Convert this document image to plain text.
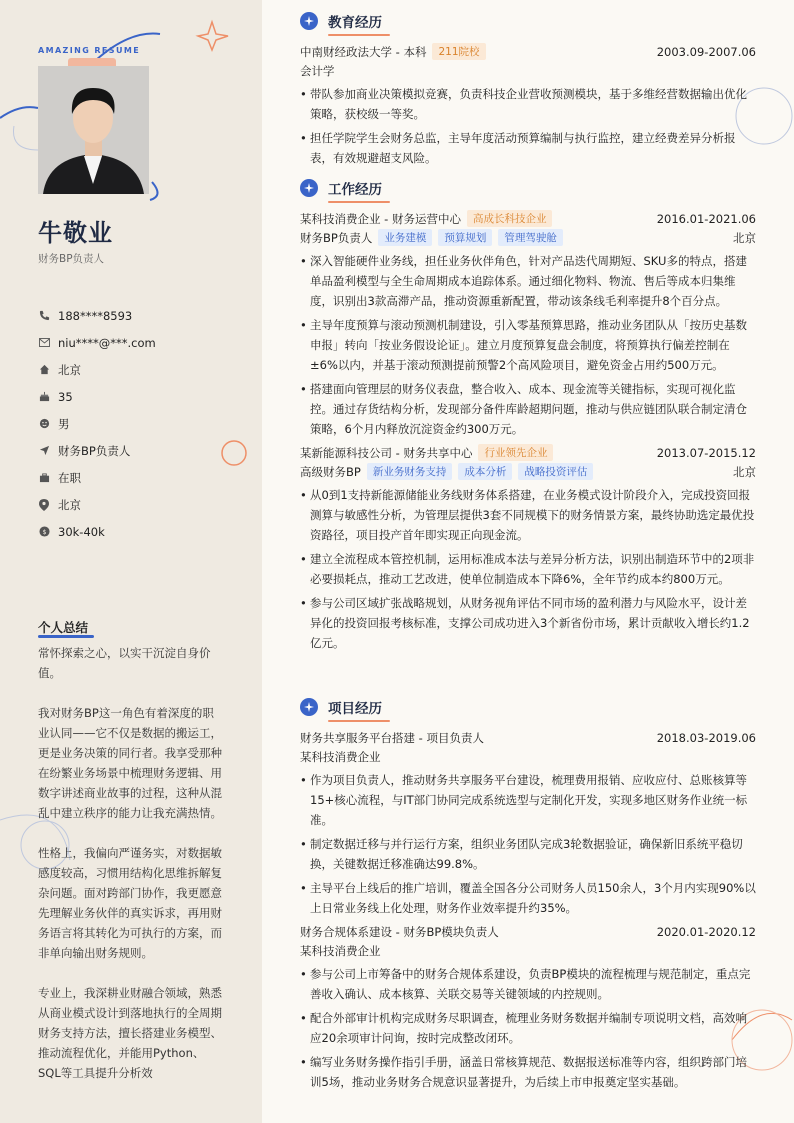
AMAZING RESUME
牛敬业
财务BP负责人
188****8593
niu****@***.com
北京
35
男
财务BP负责人
在职
北京
$ 30k-40k
个人总结

常怀探索之心，以实干沉淀自身价值。

我对财务BP这一角色有着深度的职业认同——它不仅是数据的搬运工，更是业务决策的同行者。我享受那种在纷繁业务场景中梳理财务逻辑、用数字讲述商业故事的过程，这种从混乱中建立秩序的能力让我充满热情。

性格上，我偏向严谨务实，对数据敏感度较高，习惯用结构化思维拆解复杂问题。面对跨部门协作，我更愿意先理解业务伙伴的真实诉求，再用财务语言将其转化为可执行的方案，而非单向输出财务规则。

专业上，我深耕业财融合领域，熟悉从商业模式设计到落地执行的全周期财务支持方法，擅长搭建业务模型、推动流程优化，并能用Python、SQL等工具提升分析效

教育经历
中南财经政法大学 - 本科	211院校	2003.09-2007.06
会计学
• 带队参加商业决策模拟竞赛，负责科技企业营收预测模块，基于多维经营数据输出优化策略，获校级一等奖。
• 担任学院学生会财务总监，主导年度活动预算编制与执行监控，建立经费差异分析报表，有效规避超支风险。
工作经历
某科技消费企业 - 财务运营中心	高成长科技企业	2016.01-2021.06
财务BP负责人	业务建模	预算规划	管理驾驶舱	北京
• 深入智能硬件业务线，担任业务伙伴角色，针对产品迭代周期短、SKU多的特点，搭建单品盈利模型与全生命周期成本追踪体系。通过细化物料、物流、售后等成本归集维度，识别出3款高滞产品，推动资源重新配置，带动该条线毛利率提升8个百分点。
• 主导年度预算与滚动预测机制建设，引入零基预算思路，推动业务团队从「按历史基数申报」转向「按业务假设论证」。建立月度预算复盘会制度，将预算执行偏差控制在±6%以内，并基于滚动预测提前预警2个高风险项目，避免资金占用约500万元。
• 搭建面向管理层的财务仪表盘，整合收入、成本、现金流等关键指标，实现可视化监控。通过存货结构分析，发现部分备件库龄超期问题，推动与供应链团队联合制定清仓策略，6个月内释放沉淀资金约300万元。
某新能源科技公司 - 财务共享中心	行业领先企业	2013.07-2015.12
高级财务BP	新业务财务支持	成本分析	战略投资评估	北京
• 从0到1支持新能源储能业务线财务体系搭建，在业务模式设计阶段介入，完成投资回报测算与敏感性分析，为管理层提供3套不同规模下的财务情景方案，最终协助选定最优投资路径，项目投产首年即实现正向现金流。
• 建立全流程成本管控机制，运用标准成本法与差异分析方法，识别出制造环节中的2项非必要损耗点，推动工艺改进，使单位制造成本下降6%，全年节约成本约800万元。
• 参与公司区域扩张战略规划，从财务视角评估不同市场的盈利潜力与风险水平，设计差异化的投资回报考核标准，支撑公司成功进入3个新省份市场，累计贡献收入增长约1.2亿元。
项目经历
财务共享服务平台搭建 - 项目负责人	2018.03-2019.06
某科技消费企业
• 作为项目负责人，推动财务共享服务平台建设，梳理费用报销、应收应付、总账核算等15+核心流程，与IT部门协同完成系统选型与定制化开发，实现多地区财务作业统一标准。
• 制定数据迁移与并行运行方案，组织业务团队完成3轮数据验证，确保新旧系统平稳切换，关键数据迁移准确达99.8%。
• 主导平台上线后的推广培训，覆盖全国各分公司财务人员150余人，3个月内实现90%以上日常业务线上化处理，财务作业效率提升约35%。
财务合规体系建设 - 财务BP模块负责人	2020.01-2020.12
某科技消费企业
• 参与公司上市筹备中的财务合规体系建设，负责BP模块的流程梳理与规范制定，重点完善收入确认、成本核算、关联交易等关键领域的内控规则。
• 配合外部审计机构完成财务尽职调查，梳理业务财务数据并编制专项说明文档，高效响应20余项审计问询，按时完成整改闭环。
• 编写业务财务操作指引手册，涵盖日常核算规范、数据报送标准等内容，组织跨部门培训5场，推动业务财务合规意识显著提升，为后续上市申报奠定坚实基础。
